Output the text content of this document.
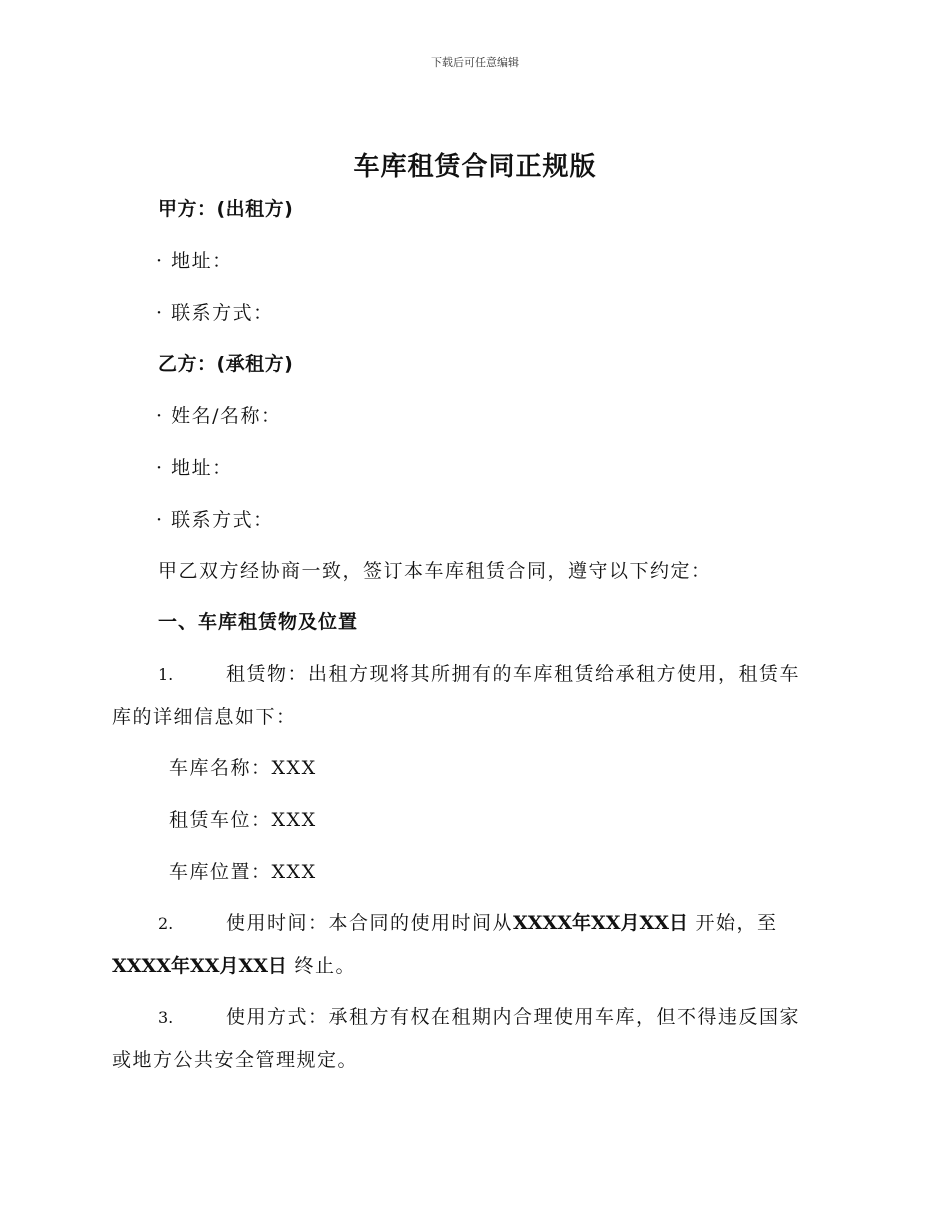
下载后可任意编辑
车库租赁合同正规版
甲方：(出租方)
· 地址：
· 联系方式：
乙方：(承租方)
· 姓名/名称：
· 地址：
· 联系方式：
甲乙双方经协商一致，签订本车库租赁合同，遵守以下约定：
一、车库租赁物及位置
1.	租赁物：出租方现将其所拥有的车库租赁给承租方使用，租赁车
库的详细信息如下：
车库名称：XXX
租赁车位：XXX
车库位置：XXX
2.	使用时间：本合同的使用时间从XXXX年XX月XX日 开始，至
XXXX年XX月XX日 终止。
3.	使用方式：承租方有权在租期内合理使用车库，但不得违反国家
或地方公共安全管理规定。
